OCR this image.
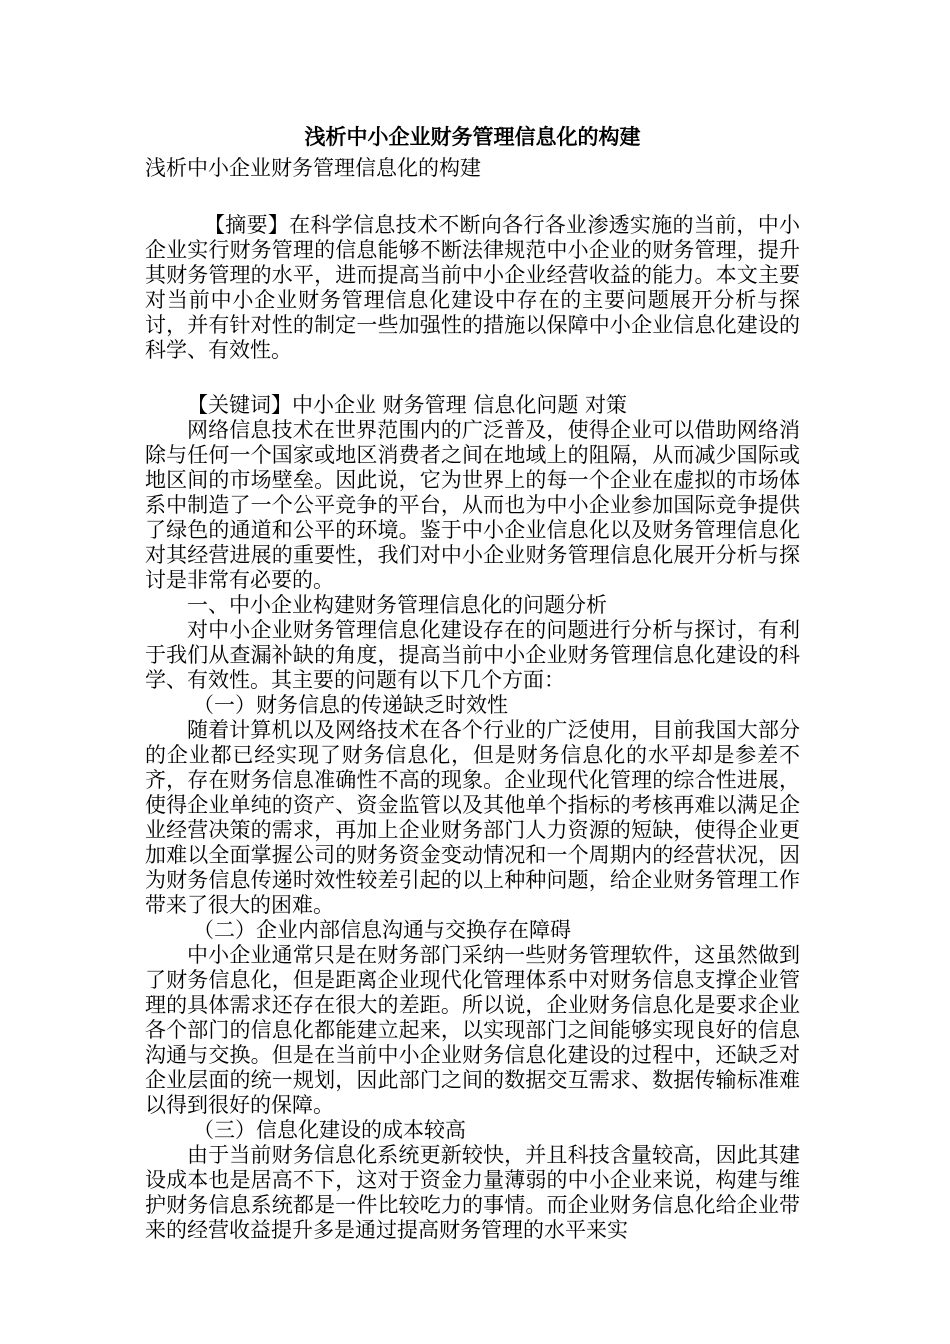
浅析中小企业财务管理信息化的构建

浅析中小企业财务管理信息化的构建

【摘要】在科学信息技术不断向各行各业渗透实施的当前，中小企业实行财务管理的信息能够不断法律规范中小企业的财务管理，提升其财务管理的水平，进而提高当前中小企业经营收益的能力。本文主要对当前中小企业财务管理信息化建设中存在的主要问题展开分析与探讨，并有针对性的制定一些加强性的措施以保障中小企业信息化建设的科学、有效性。

【关键词】中小企业 财务管理 信息化问题 对策

网络信息技术在世界范围内的广泛普及，使得企业可以借助网络消除与任何一个国家或地区消费者之间在地域上的阻隔，从而减少国际或地区间的市场壁垒。因此说，它为世界上的每一个企业在虚拟的市场体系中制造了一个公平竞争的平台，从而也为中小企业参加国际竞争提供了绿色的通道和公平的环境。鉴于中小企业信息化以及财务管理信息化对其经营进展的重要性，我们对中小企业财务管理信息化展开分析与探讨是非常有必要的。

一、中小企业构建财务管理信息化的问题分析

对中小企业财务管理信息化建设存在的问题进行分析与探讨，有利于我们从查漏补缺的角度，提高当前中小企业财务管理信息化建设的科学、有效性。其主要的问题有以下几个方面：

（一）财务信息的传递缺乏时效性

随着计算机以及网络技术在各个行业的广泛使用，目前我国大部分的企业都已经实现了财务信息化，但是财务信息化的水平却是参差不齐，存在财务信息准确性不高的现象。企业现代化管理的综合性进展，使得企业单纯的资产、资金监管以及其他单个指标的考核再难以满足企业经营决策的需求，再加上企业财务部门人力资源的短缺，使得企业更加难以全面掌握公司的财务资金变动情况和一个周期内的经营状况，因为财务信息传递时效性较差引起的以上种种问题，给企业财务管理工作带来了很大的困难。

（二）企业内部信息沟通与交换存在障碍

中小企业通常只是在财务部门采纳一些财务管理软件，这虽然做到了财务信息化，但是距离企业现代化管理体系中对财务信息支撑企业管理的具体需求还存在很大的差距。所以说，企业财务信息化是要求企业各个部门的信息化都能建立起来，以实现部门之间能够实现良好的信息沟通与交换。但是在当前中小企业财务信息化建设的过程中，还缺乏对企业层面的统一规划，因此部门之间的数据交互需求、数据传输标准难以得到很好的保障。

（三）信息化建设的成本较高

由于当前财务信息化系统更新较快，并且科技含量较高，因此其建设成本也是居高不下，这对于资金力量薄弱的中小企业来说，构建与维护财务信息系统都是一件比较吃力的事情。而企业财务信息化给企业带来的经营收益提升多是通过提高财务管理的水平来实
